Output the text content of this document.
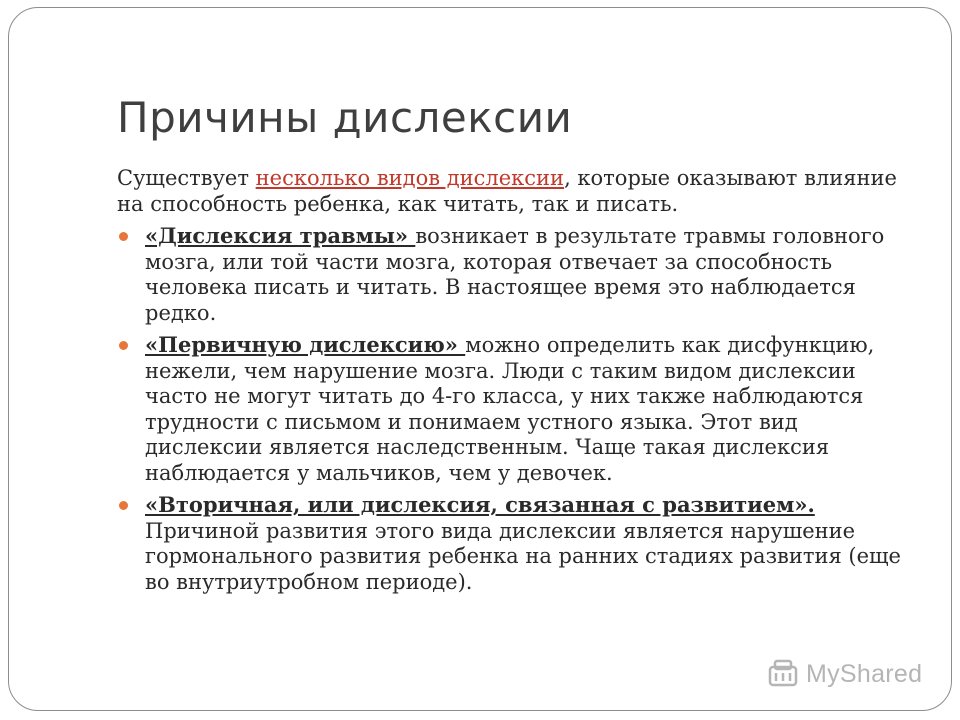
Причины дислексии

Существует несколько видов дислексии, которые оказывают влияние на способность ребенка, как читать, так и писать.

«Дислексия травмы» возникает в результате травмы головного мозга, или той части мозга, которая отвечает за способность человека писать и читать. В настоящее время это наблюдается редко.
«Первичную дислексию» можно определить как дисфункцию, нежели, чем нарушение мозга. Люди с таким видом дислексии часто не могут читать до 4-го класса, у них также наблюдаются трудности с письмом и понимаем устного языка. Этот вид дислексии является наследственным. Чаще такая дислексия наблюдается у мальчиков, чем у девочек.
«Вторичная, или дислексия, связанная с развитием». Причиной развития этого вида дислексии является нарушение гормонального развития ребенка на ранних стадиях развития (еще во внутриутробном периоде).
MyShared
